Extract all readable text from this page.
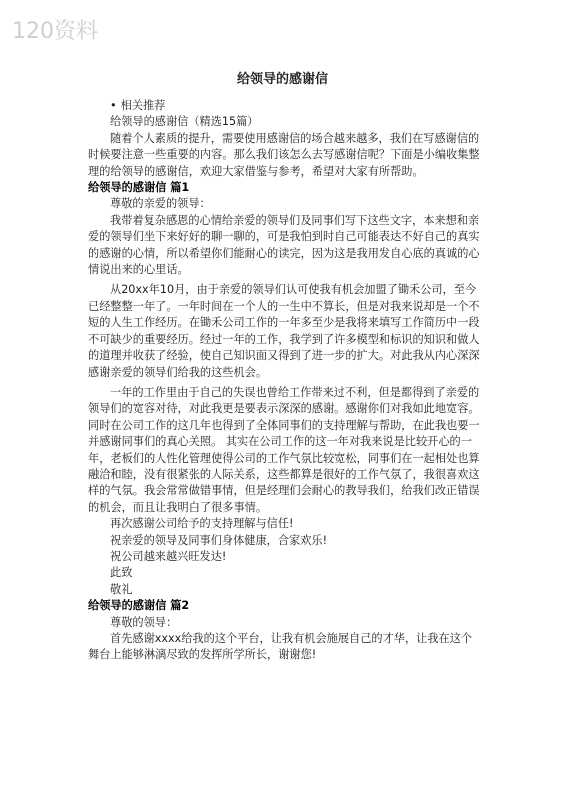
120资料
给领导的感谢信

• 相关推荐

给领导的感谢信（精选15篇）

随着个人素质的提升，需要使用感谢信的场合越来越多，我们在写感谢信的时候要注意一些重要的内容。那么我们该怎么去写感谢信呢？下面是小编收集整理的给领导的感谢信，欢迎大家借鉴与参考，希望对大家有所帮助。

给领导的感谢信 篇1

尊敬的亲爱的领导：

我带着复杂感恩的心情给亲爱的领导们及同事们写下这些文字，本来想和亲爱的领导们坐下来好好的聊一聊的，可是我怕到时自己可能表达不好自己的真实的感谢的心情，所以希望你们能耐心的读完，因为这是我用发自心底的真诚的心情说出来的心里话。

从20xx年10月，由于亲爱的领导们认可使我有机会加盟了锄禾公司，至今已经整整一年了。一年时间在一个人的一生中不算长，但是对我来说却是一个不短的人生工作经历。在锄禾公司工作的一年多至少是我将来填写工作简历中一段不可缺少的重要经历。经过一年的工作，我学到了许多模型和标识的知识和做人的道理并收获了经验，使自己知识面又得到了进一步的扩大。对此我从内心深深感谢亲爱的领导们给我的这些机会。

一年的工作里由于自己的失误也曾给工作带来过不利，但是都得到了亲爱的领导们的宽容对待，对此我更是要表示深深的感谢。感谢你们对我如此地宽容。同时在公司工作的这几年也得到了全体同事们的支持理解与帮助，在此我也要一并感谢同事们的真心关照。 其实在公司工作的这一年对我来说是比较开心的一年，老板们的人性化管理使得公司的工作气氛比较宽松，同事们在一起相处也算融洽和睦，没有很紧张的人际关系，这些都算是很好的工作气氛了，我很喜欢这样的气氛。我会常常做错事情，但是经理们会耐心的教导我们，给我们改正错误的机会，而且让我明白了很多事情。

再次感谢公司给予的支持理解与信任!

祝亲爱的领导及同事们身体健康，合家欢乐!

祝公司越来越兴旺发达!

此致

敬礼

给领导的感谢信 篇2

尊敬的领导：

首先感谢xxxx给我的这个平台，让我有机会施展自己的才华，让我在这个舞台上能够淋漓尽致的发挥所学所长，谢谢您!
